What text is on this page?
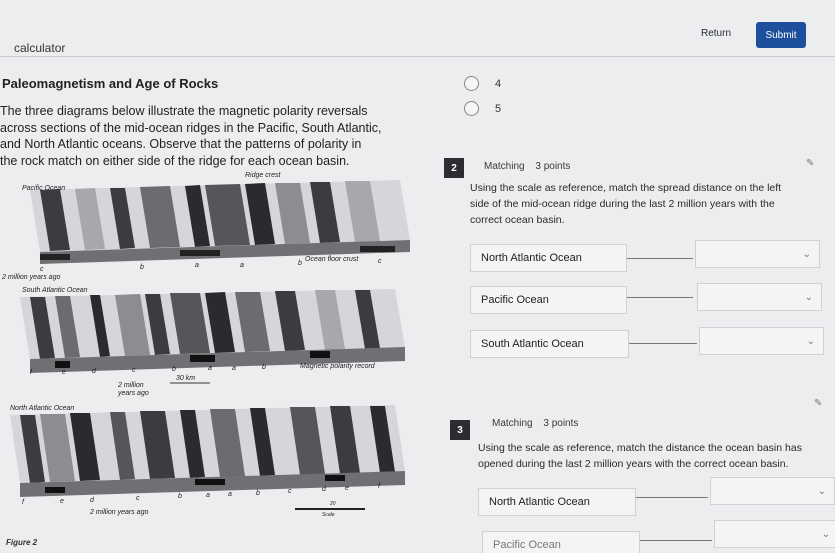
Return	Submit
calculator
Paleomagnetism and Age of Rocks
The three diagrams below illustrate the magnetic polarity reversals
across sections of the mid-ocean ridges in the Pacific, South Atlantic,
and North Atlantic oceans. Observe that the patterns of polarity in
the rock match on either side of the ridge for each ocean basin.
Ridge crest
Pacific Ocean
Ocean floor crust
2 million years ago
c	b	a	a	b	c
South Atlantic Ocean
Magnetic polarity record
30 km
2 million years ago
f	e	d	c	b	a	a	b
North Atlantic Ocean
2 million years ago	Scale
20
f	e	d	c	b	a	a	b	c	d	e	f
Figure 2
4
5
2	Matching 3 points	✎
Using the scale as reference, match the spread distance on the left
side of the mid-ocean ridge during the last 2 million years with the
correct ocean basin.
North Atlantic Ocean	⌄
Pacific Ocean	⌄
South Atlantic Ocean	⌄
3
Matching 3 points
✎
Using the scale as reference, match the distance the ocean basin has
opened during the last 2 million years with the correct ocean basin.
North Atlantic Ocean
⌄
Pacific Ocean
⌄
